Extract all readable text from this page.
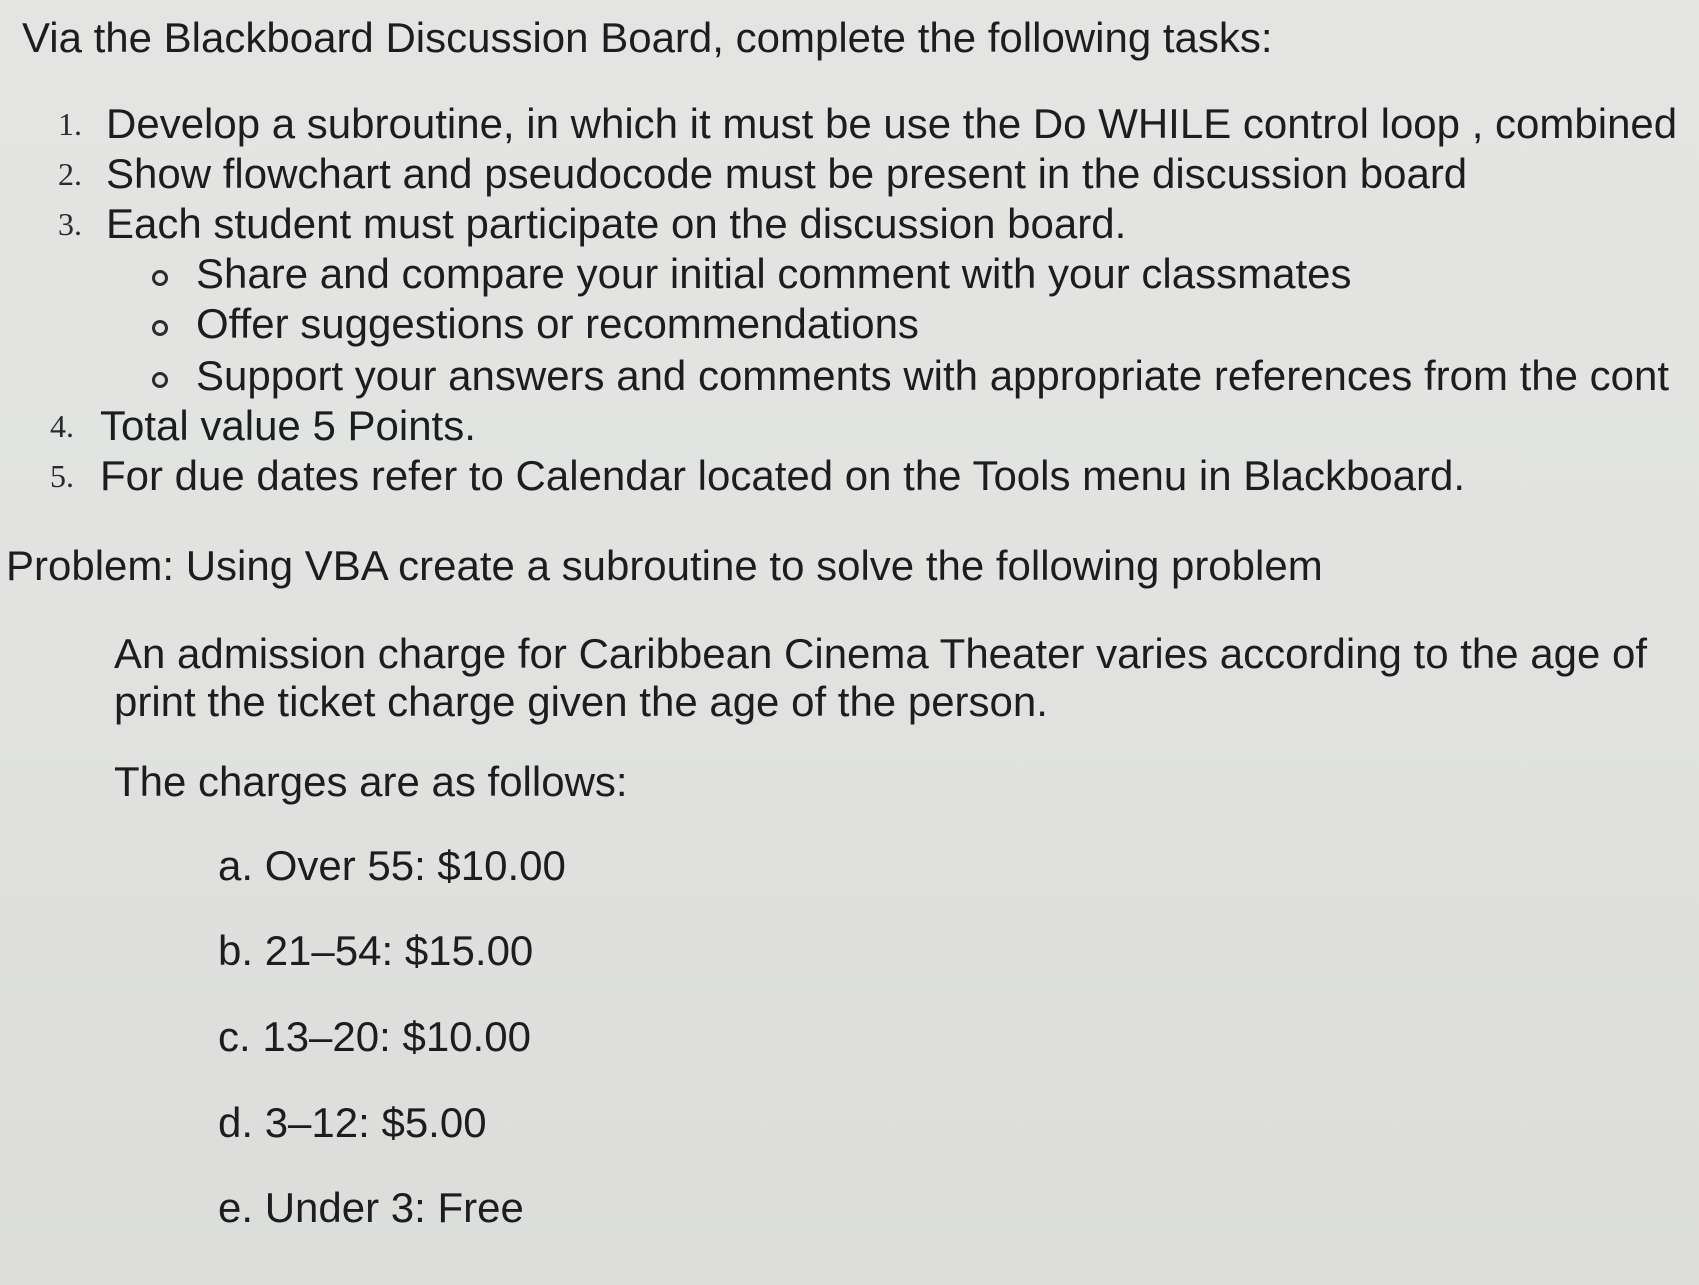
Via the Blackboard Discussion Board, complete the following tasks:
1. Develop a subroutine, in which it must be use the Do WHILE control loop , combined
2. Show flowchart and pseudocode must be present in the discussion board
3. Each student must participate on the discussion board.
Share and compare your initial comment with your classmates
Offer suggestions or recommendations
Support your answers and comments with appropriate references from the cont
4. Total value 5 Points.
5. For due dates refer to Calendar located on the Tools menu in Blackboard.
Problem: Using VBA create a subroutine to solve the following problem
An admission charge for Caribbean Cinema Theater varies according to the age of
print the ticket charge given the age of the person.
The charges are as follows:
a. Over 55: $10.00
b. 21–54: $15.00
c. 13–20: $10.00
d. 3–12: $5.00
e. Under 3: Free
